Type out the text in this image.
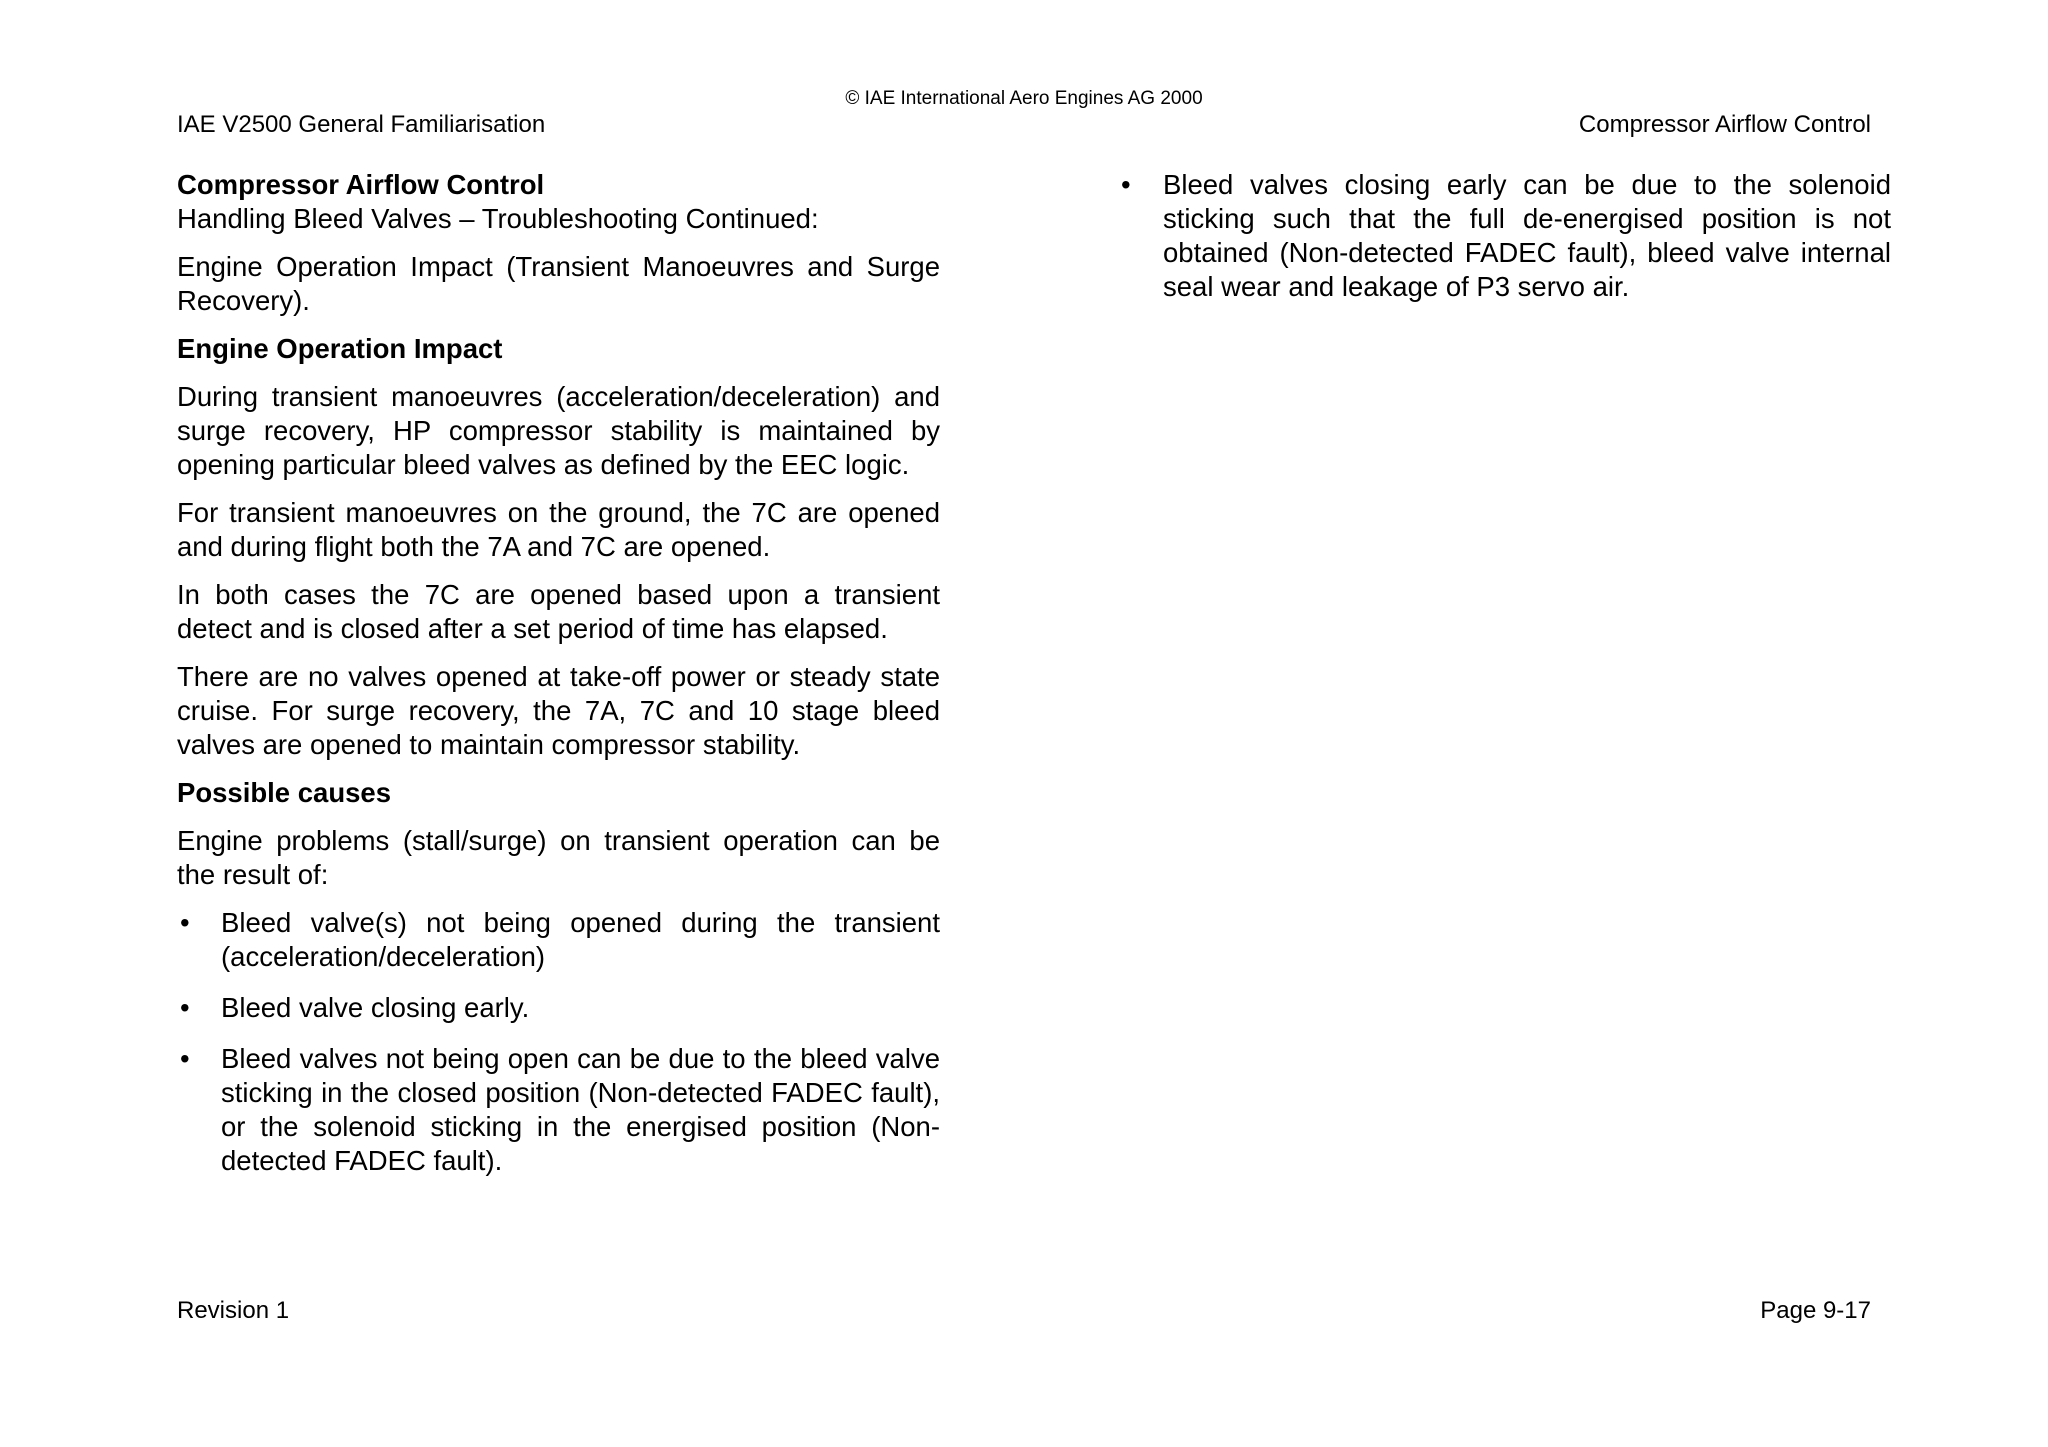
© IAE International Aero Engines AG 2000
IAE V2500 General Familiarisation	Compressor Airflow Control

Compressor Airflow Control

Handling Bleed Valves – Troubleshooting Continued:

Engine Operation Impact (Transient Manoeuvres and Surge Recovery).

Engine Operation Impact

During transient manoeuvres (acceleration/deceleration) and surge recovery, HP compressor stability is maintained by opening particular bleed valves as defined by the EEC logic.

For transient manoeuvres on the ground, the 7C are opened and during flight both the 7A and 7C are opened.

In both cases the 7C are opened based upon a transient detect and is closed after a set period of time has elapsed.

There are no valves opened at take-off power or steady state cruise. For surge recovery, the 7A, 7C and 10 stage bleed valves are opened to maintain compressor stability.

Possible causes

Engine problems (stall/surge) on transient operation can be the result of:

• Bleed valve(s) not being opened during the transient (acceleration/deceleration)
• Bleed valve closing early.
• Bleed valves not being open can be due to the bleed valve sticking in the closed position (Non-detected FADEC fault), or the solenoid sticking in the energised position (Non-detected FADEC fault).
• Bleed valves closing early can be due to the solenoid sticking such that the full de-energised position is not obtained (Non-detected FADEC fault), bleed valve internal seal wear and leakage of P3 servo air.
Revision 1	Page 9-17
